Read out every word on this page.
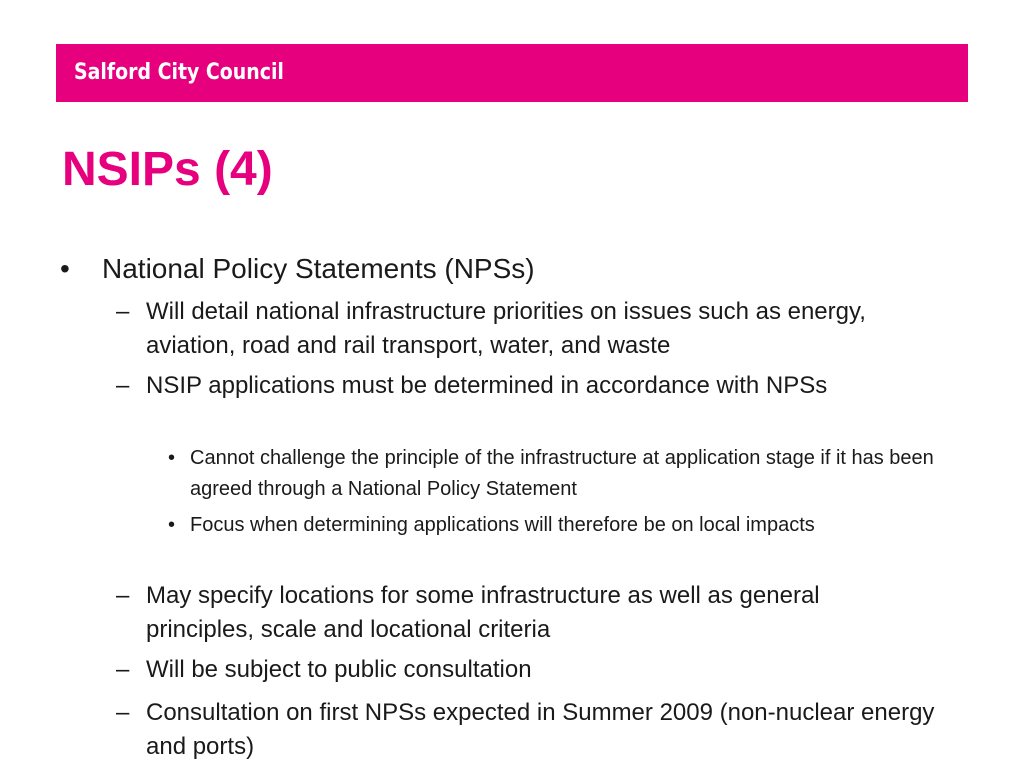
Salford City Council
NSIPs (4)
• National Policy Statements (NPSs)

– Will detail national infrastructure priorities on issues such as energy, aviation, road and rail transport, water, and waste

– NSIP applications must be determined in accordance with NPSs

• Cannot challenge the principle of the infrastructure at application stage if it has been agreed through a National Policy Statement

• Focus when determining applications will therefore be on local impacts

– May specify locations for some infrastructure as well as general principles, scale and locational criteria

– Will be subject to public consultation

– Consultation on first NPSs expected in Summer 2009 (non-nuclear energy and ports)
